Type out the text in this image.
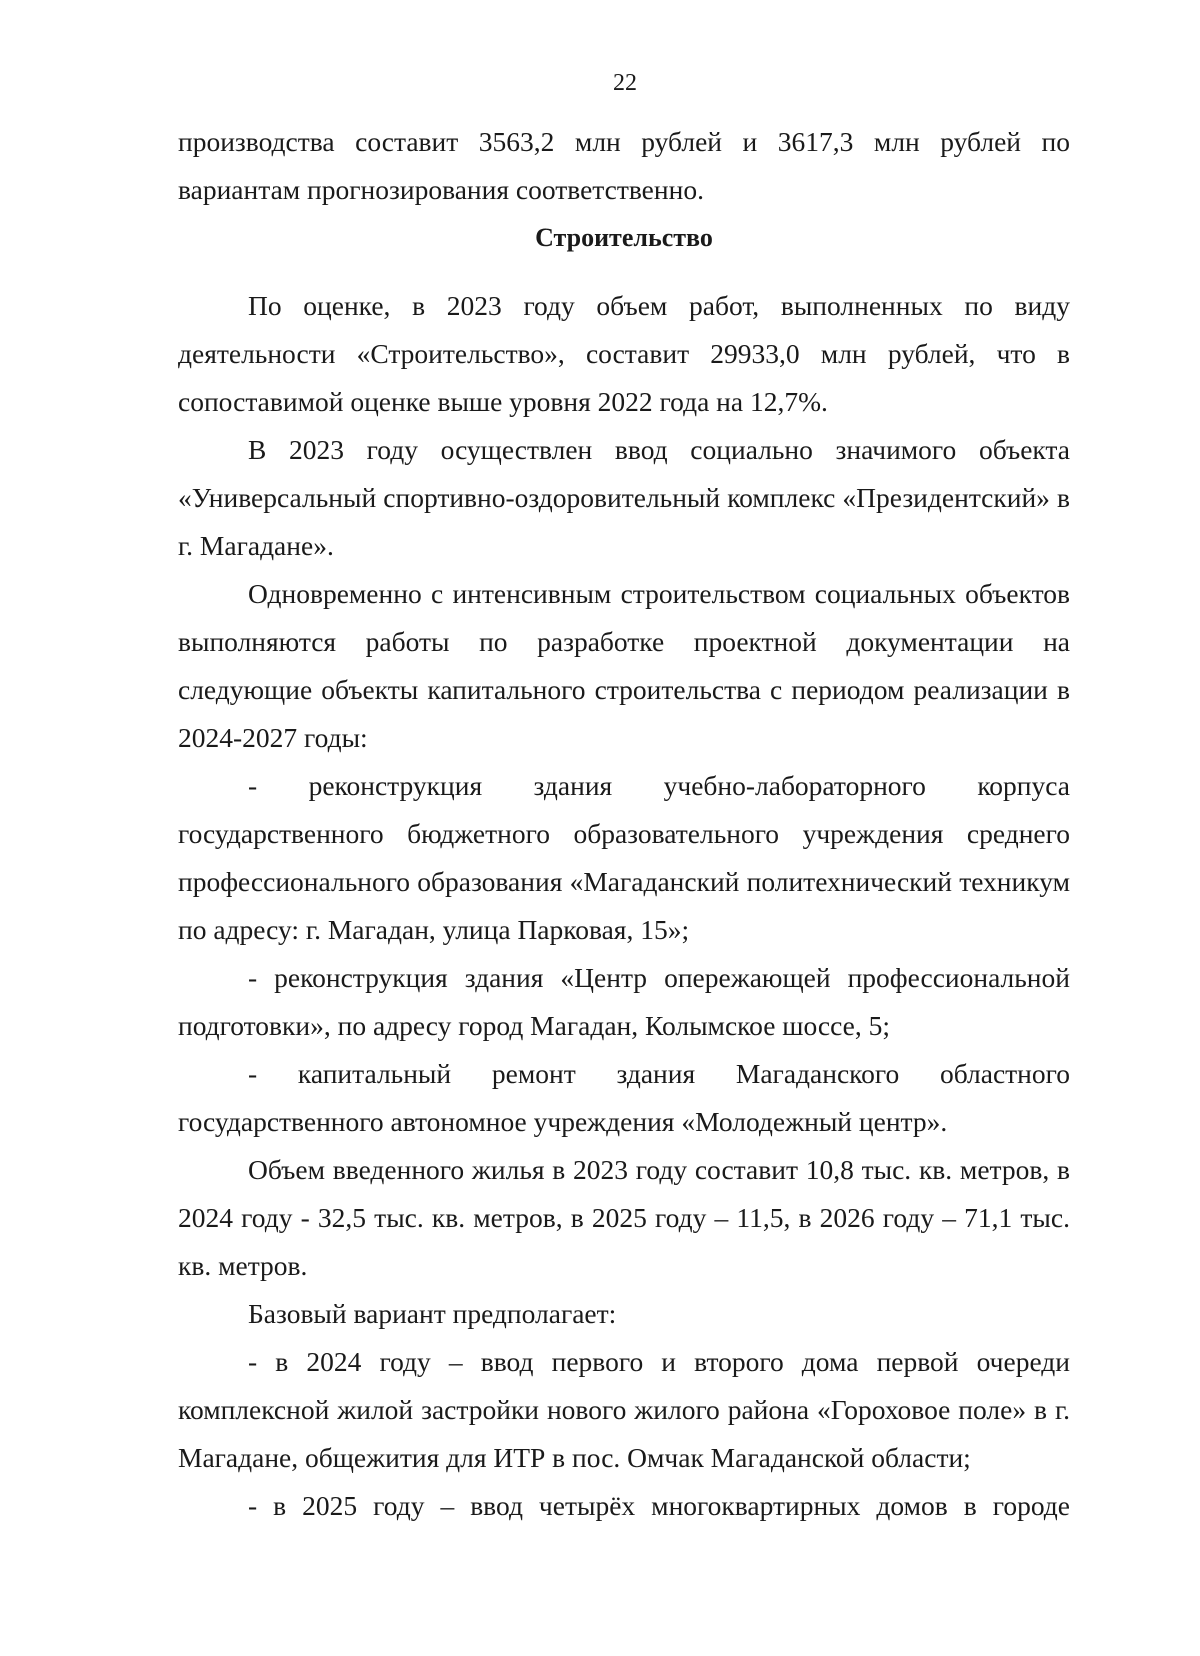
22

производства составит 3563,2 млн рублей и 3617,3 млн рублей по вариантам прогнозирования соответственно.

Строительство

По оценке, в 2023 году объем работ, выполненных по виду деятельности «Строительство», составит 29933,0 млн рублей, что в сопоставимой оценке выше уровня 2022 года на 12,7%.

В 2023 году осуществлен ввод социально значимого объекта «Универсальный спортивно-оздоровительный комплекс «Президентский» в г. Магадане».

Одновременно с интенсивным строительством социальных объектов выполняются работы по разработке проектной документации на следующие объекты капитального строительства с периодом реализации в 2024-2027 годы:

- реконструкция здания учебно-лабораторного корпуса государственного бюджетного образовательного учреждения среднего профессионального образования «Магаданский политехнический техникум по адресу: г. Магадан, улица Парковая, 15»;

- реконструкция здания «Центр опережающей профессиональной подготовки», по адресу город Магадан, Колымское шоссе, 5;

- капитальный ремонт здания Магаданского областного государственного автономное учреждения «Молодежный центр».

Объем введенного жилья в 2023 году составит 10,8 тыс. кв. метров, в 2024 году - 32,5 тыс. кв. метров, в 2025 году – 11,5, в 2026 году – 71,1 тыс. кв. метров.

Базовый вариант предполагает:

- в 2024 году – ввод первого и второго дома первой очереди комплексной жилой застройки нового жилого района «Гороховое поле» в г. Магадане, общежития для ИТР в пос. Омчак Магаданской области;

- в 2025 году – ввод четырёх многоквартирных домов в городе
